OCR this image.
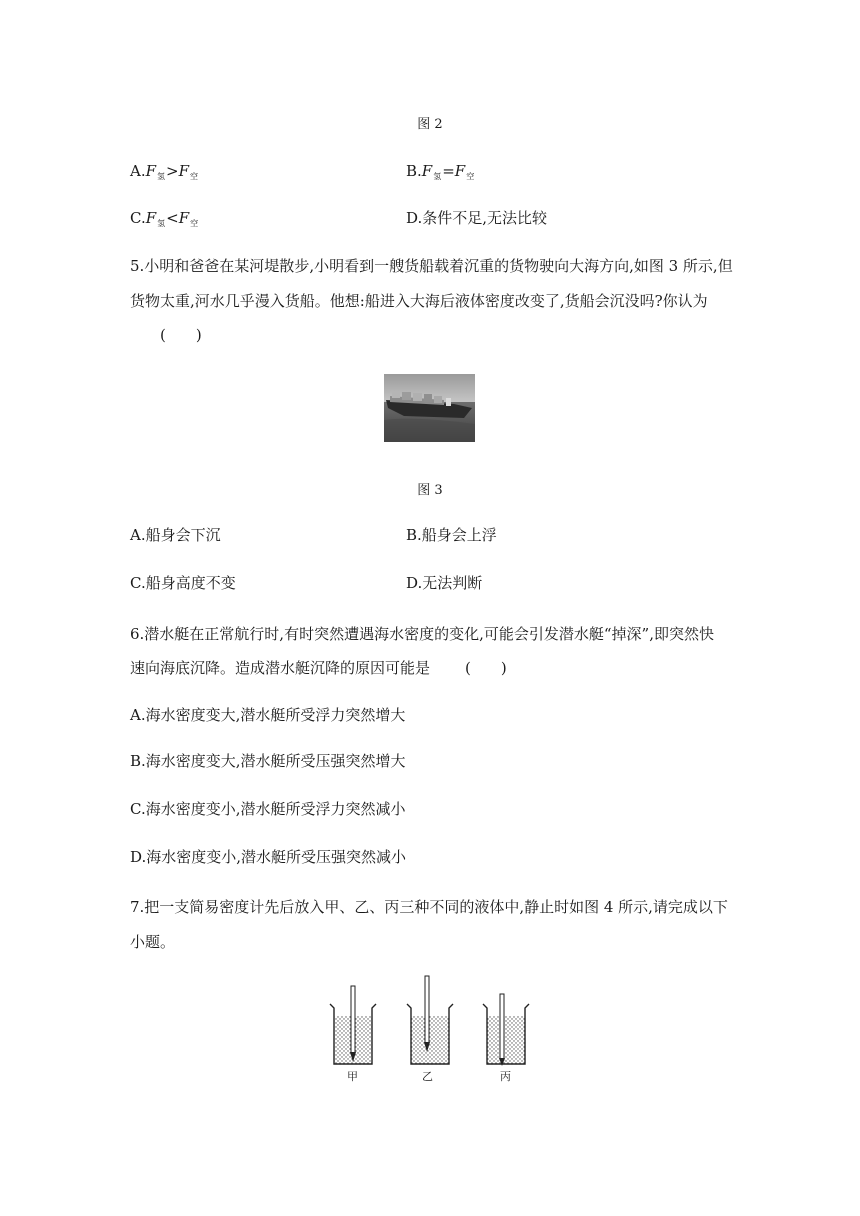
图 2
$A.F_氢>F_空$	$B.F_氢=F_空$
$C.F_氢<F_空$	D.条件不足,无法比较
5.小明和爸爸在某河堤散步,小明看到一艘货船载着沉重的货物驶向大海方向,如图 3 所示,但
货物太重,河水几乎漫入货船。他想:船进入大海后液体密度改变了,货船会沉没吗?你认为
(　　)
图 3
A.船身会下沉	B.船身会上浮
C.船身高度不变	D.无法判断
6.潜水艇在正常航行时,有时突然遭遇海水密度的变化,可能会引发潜水艇“掉深”,即突然快
速向海底沉降。造成潜水艇沉降的原因可能是 (　　)
A.海水密度变大,潜水艇所受浮力突然增大
B.海水密度变大,潜水艇所受压强突然增大
C.海水密度变小,潜水艇所受浮力突然减小
D.海水密度变小,潜水艇所受压强突然减小
7.把一支简易密度计先后放入甲、乙、丙三种不同的液体中,静止时如图 4 所示,请完成以下
小题。
甲	乙	丙
